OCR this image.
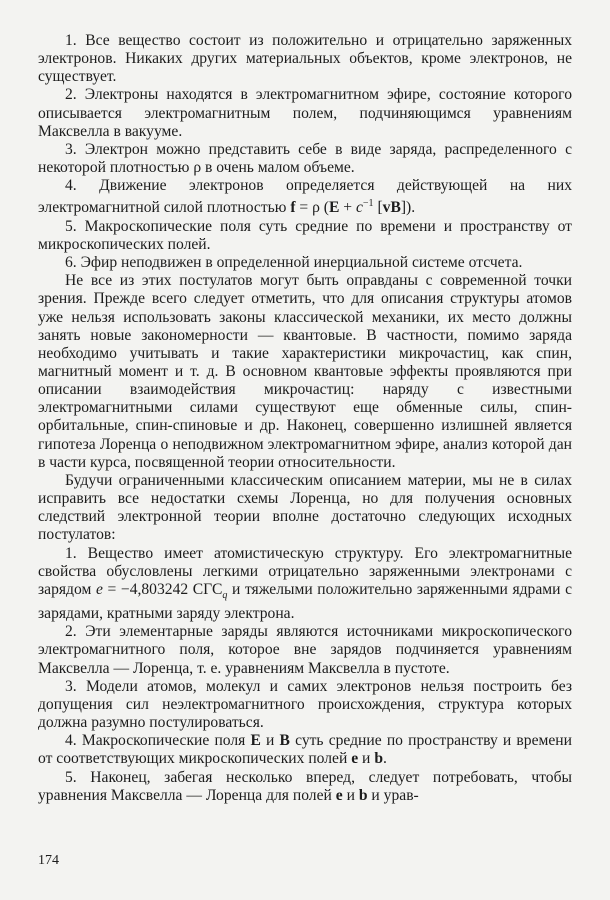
1. Все вещество состоит из положительно и отрицательно заряженных электронов. Никаких других материальных объектов, кроме электронов, не существует.

2. Электроны находятся в электромагнитном эфире, состояние которого описывается электромагнитным полем, подчиняющимся уравнениям Максвелла в вакууме.

3. Электрон можно представить себе в виде заряда, распределенного с некоторой плотностью ρ в очень малом объеме.

4. Движение электронов определяется действующей на них электромагнитной силой плотностью f = ρ ($E + c^{-1}$ [vB]).

5. Макроскопические поля суть средние по времени и пространству от микроскопических полей.

6. Эфир неподвижен в определенной инерциальной системе отсчета.

Не все из этих постулатов могут быть оправданы с современной точки зрения. Прежде всего следует отметить, что для описания структуры атомов уже нельзя использовать законы классической механики, их место должны занять новые закономерности — квантовые. В частности, помимо заряда необходимо учитывать и такие характеристики микрочастиц, как спин, магнитный момент и т. д. В основном квантовые эффекты проявляются при описании взаимодействия микрочастиц: наряду с известными электромагнитными силами существуют еще обменные силы, спин-орбитальные, спин-спиновые и др. Наконец, совершенно излишней является гипотеза Лоренца о неподвижном электромагнитном эфире, анализ которой дан в части курса, посвященной теории относительности.

Будучи ограниченными классическим описанием материи, мы не в силах исправить все недостатки схемы Лоренца, но для получения основных следствий электронной теории вполне достаточно следующих исходных постулатов:

1. Вещество имеет атомистическую структуру. Его электромагнитные свойства обусловлены легкими отрицательно заряженными электронами с зарядом e = −4,803242 $СГС_q$ и тяжелыми положительно заряженными ядрами с зарядами, кратными заряду электрона.

2. Эти элементарные заряды являются источниками микроскопического электромагнитного поля, которое вне зарядов подчиняется уравнениям Максвелла — Лоренца, т. е. уравнениям Максвелла в пустоте.

3. Модели атомов, молекул и самих электронов нельзя построить без допущения сил неэлектромагнитного происхождения, структура которых должна разумно постулироваться.

4. Макроскопические поля E и B суть средние по пространству и времени от соответствующих микроскопических полей e и b.

5. Наконец, забегая несколько вперед, следует потребовать, чтобы уравнения Максвелла — Лоренца для полей e и b и урав-

174
